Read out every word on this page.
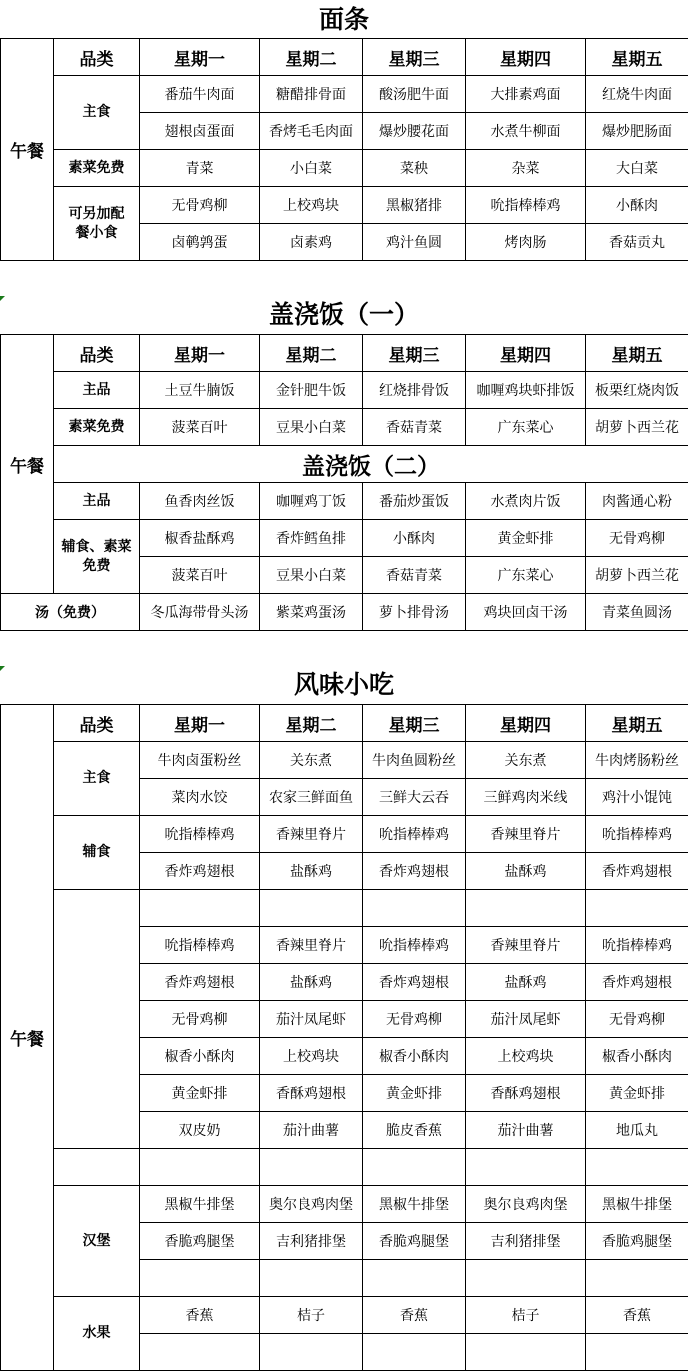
面条
午餐	品类	星期一	星期二	星期三	星期四	星期五
	主食	番茄牛肉面	糖醋排骨面	酸汤肥牛面	大排素鸡面	红烧牛肉面
		翅根卤蛋面	香烤毛毛肉面	爆炒腰花面	水煮牛柳面	爆炒肥肠面
	素菜免费	青菜	小白菜	菜秧	杂菜	大白菜
	可另加配餐小食	无骨鸡柳	上校鸡块	黑椒猪排	吮指棒棒鸡	小酥肉
		卤鹌鹑蛋	卤素鸡	鸡汁鱼圆	烤肉肠	香菇贡丸
盖浇饭（一）
午餐	品类	星期一	星期二	星期三	星期四	星期五
	主品	土豆牛腩饭	金针肥牛饭	红烧排骨饭	咖喱鸡块虾排饭	板栗红烧肉饭
	素菜免费	菠菜百叶	豆果小白菜	香菇青菜	广东菜心	胡萝卜西兰花
	盖浇饭（二）					
	主品	鱼香肉丝饭	咖喱鸡丁饭	番茄炒蛋饭	水煮肉片饭	肉酱通心粉
	辅食、素菜免费	椒香盐酥鸡	香炸鳕鱼排	小酥肉	黄金虾排	无骨鸡柳
		菠菜百叶	豆果小白菜	香菇青菜	广东菜心	胡萝卜西兰花
汤（免费）		冬瓜海带骨头汤	紫菜鸡蛋汤	萝卜排骨汤	鸡块回卤干汤	青菜鱼圆汤
风味小吃
午餐	品类	星期一	星期二	星期三	星期四	星期五
	主食	牛肉卤蛋粉丝	关东煮	牛肉鱼圆粉丝	关东煮	牛肉烤肠粉丝
		菜肉水饺	农家三鲜面鱼	三鲜大云吞	三鲜鸡肉米线	鸡汁小馄饨
	辅食	吮指棒棒鸡	香辣里脊片	吮指棒棒鸡	香辣里脊片	吮指棒棒鸡
		香炸鸡翅根	盐酥鸡	香炸鸡翅根	盐酥鸡	香炸鸡翅根

		吮指棒棒鸡	香辣里脊片	吮指棒棒鸡	香辣里脊片	吮指棒棒鸡
		香炸鸡翅根	盐酥鸡	香炸鸡翅根	盐酥鸡	香炸鸡翅根
		无骨鸡柳	茄汁凤尾虾	无骨鸡柳	茄汁凤尾虾	无骨鸡柳
		椒香小酥肉	上校鸡块	椒香小酥肉	上校鸡块	椒香小酥肉
		黄金虾排	香酥鸡翅根	黄金虾排	香酥鸡翅根	黄金虾排
		双皮奶	茄汁曲薯	脆皮香蕉	茄汁曲薯	地瓜丸

	汉堡	黑椒牛排堡	奥尔良鸡肉堡	黑椒牛排堡	奥尔良鸡肉堡	黑椒牛排堡
		香脆鸡腿堡	吉利猪排堡	香脆鸡腿堡	吉利猪排堡	香脆鸡腿堡

	水果	香蕉	桔子	香蕉	桔子	香蕉
